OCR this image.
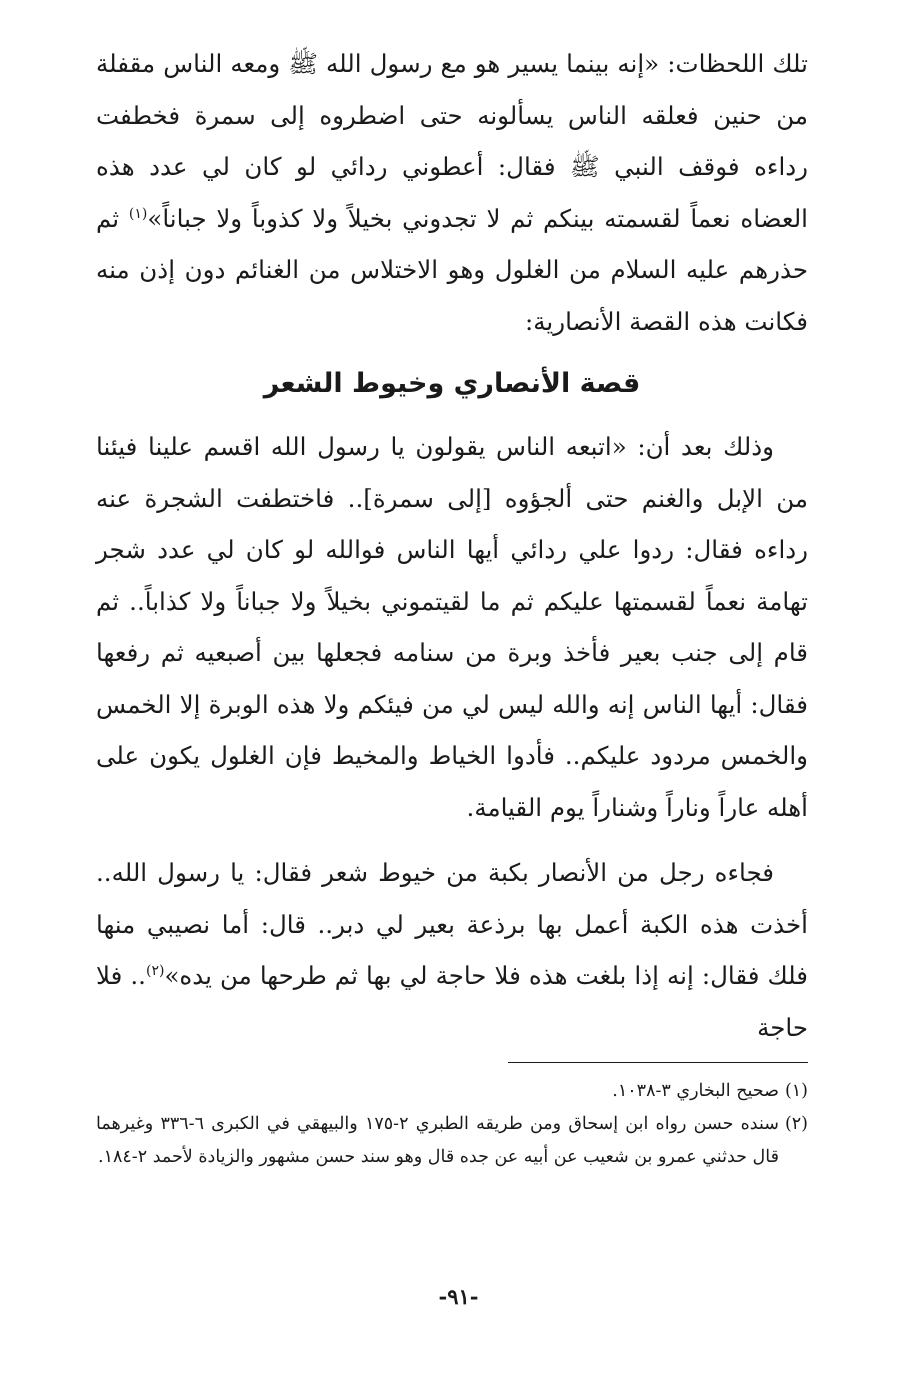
تلك اللحظات: «إنه بينما يسير هو مع رسول الله ﷺ ومعه الناس مقفلة من حنين فعلقه الناس يسألونه حتى اضطروه إلى سمرة فخطفت رداءه فوقف النبي ﷺ فقال: أعطوني ردائي لو كان لي عدد هذه العضاه نعماً لقسمته بينكم ثم لا تجدوني بخيلاً ولا كذوباً ولا جباناً»$^{(١)}$ ثم حذرهم عليه السلام من الغلول وهو الاختلاس من الغنائم دون إذن منه فكانت هذه القصة الأنصارية:

قصة الأنصاري وخيوط الشعر

وذلك بعد أن: «اتبعه الناس يقولون يا رسول الله اقسم علينا فيئنا من الإبل والغنم حتى ألجؤوه [إلى سمرة].. فاختطفت الشجرة عنه رداءه فقال: ردوا علي ردائي أيها الناس فوالله لو كان لي عدد شجر تهامة نعماً لقسمتها عليكم ثم ما لقيتموني بخيلاً ولا جباناً ولا كذاباً.. ثم قام إلى جنب بعير فأخذ وبرة من سنامه فجعلها بين أصبعيه ثم رفعها فقال: أيها الناس إنه والله ليس لي من فيئكم ولا هذه الوبرة إلا الخمس والخمس مردود عليكم.. فأدوا الخياط والمخيط فإن الغلول يكون على أهله عاراً وناراً وشناراً يوم القيامة.

فجاءه رجل من الأنصار بكبة من خيوط شعر فقال: يا رسول الله.. أخذت هذه الكبة أعمل بها برذعة بعير لي دبر.. قال: أما نصيبي منها فلك فقال: إنه إذا بلغت هذه فلا حاجة لي بها ثم طرحها من يده»$^{(٢)}$.. فلا حاجة

(١)
صحيح البخاري ٣-١٠٣٨.

(٢)
سنده حسن رواه ابن إسحاق ومن طريقه الطبري ٢-١٧٥ والبيهقي في الكبرى ٦-٣٣٦ وغيرهما قال حدثني عمرو بن شعيب عن أبيه عن جده قال وهو سند حسن مشهور والزيادة لأحمد ٢-١٨٤.

-٩١-
